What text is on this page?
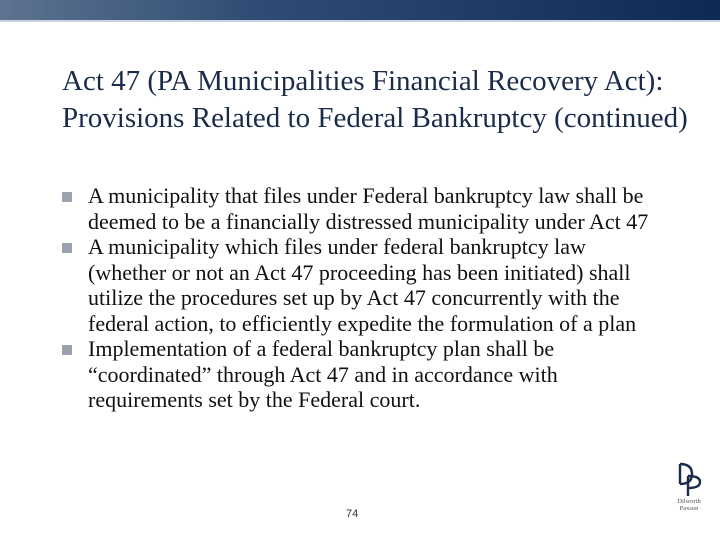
Act 47 (PA Municipalities Financial Recovery Act): Provisions Related to Federal Bankruptcy (continued)
A municipality that files under Federal bankruptcy law shall be deemed to be a financially distressed municipality under Act 47
A municipality which files under federal bankruptcy law (whether or not an Act 47 proceeding has been initiated) shall utilize the procedures set up by Act 47 concurrently with the federal action, to efficiently expedite the formulation of a plan
Implementation of a federal bankruptcy plan shall be “coordinated” through Act 47 and in accordance with requirements set by the Federal court.
74
Dilworth
Paxson
